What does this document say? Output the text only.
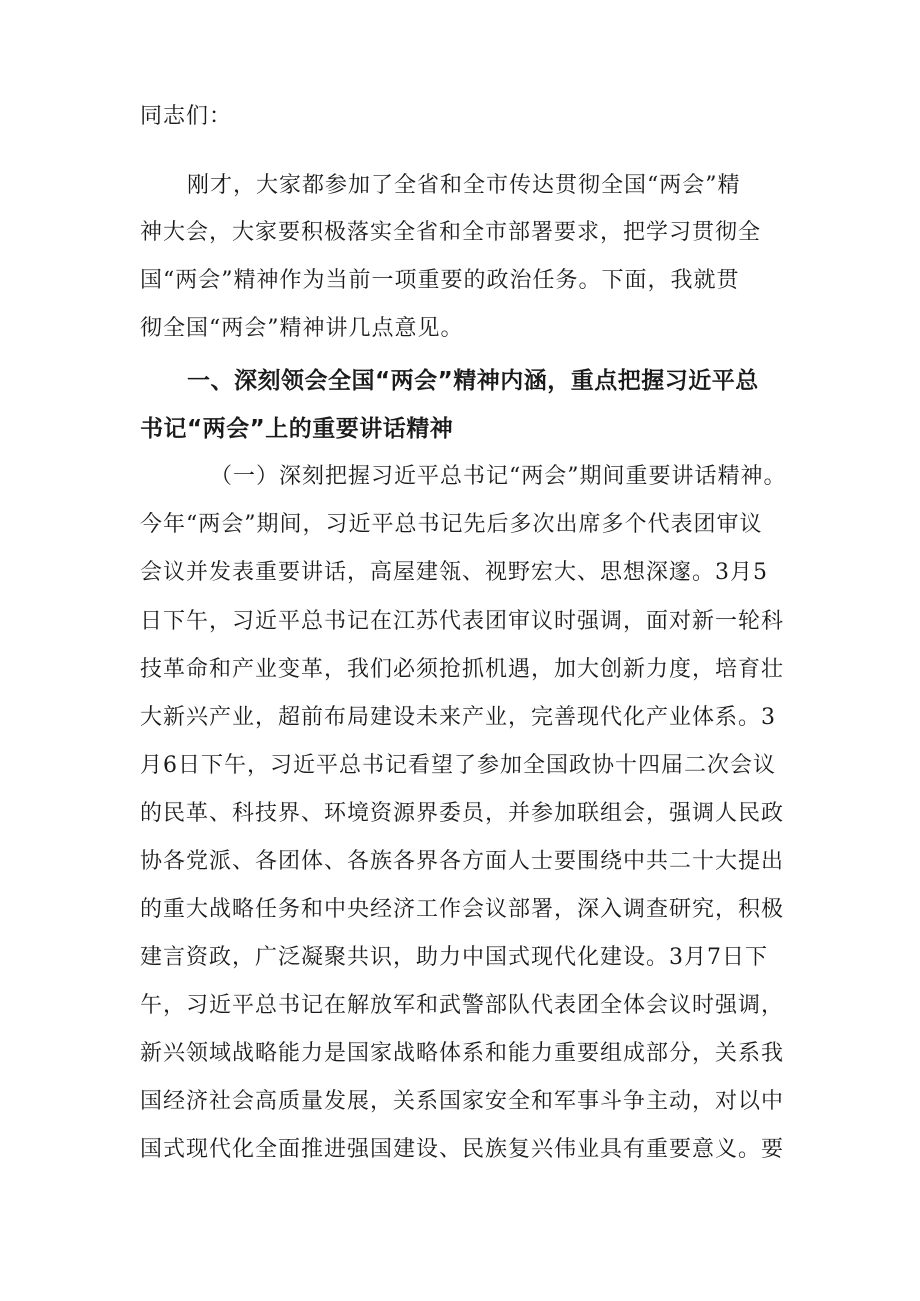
同志们：
刚才，大家都参加了全省和全市传达贯彻全国“两会”精
神大会，大家要积极落实全省和全市部署要求，把学习贯彻全
国“两会”精神作为当前一项重要的政治任务。下面，我就贯
彻全国“两会”精神讲几点意见。
一、深刻领会全国“两会”精神内涵，重点把握习近平总
书记“两会”上的重要讲话精神
（一）深刻把握习近平总书记“两会”期间重要讲话精神。
今年“两会”期间，习近平总书记先后多次出席多个代表团审议
会议并发表重要讲话，高屋建瓴、视野宏大、思想深邃。3月5
日下午，习近平总书记在江苏代表团审议时强调，面对新一轮科
技革命和产业变革，我们必须抢抓机遇，加大创新力度，培育壮
大新兴产业，超前布局建设未来产业，完善现代化产业体系。3
月6日下午，习近平总书记看望了参加全国政协十四届二次会议
的民革、科技界、环境资源界委员，并参加联组会，强调人民政
协各党派、各团体、各族各界各方面人士要围绕中共二十大提出
的重大战略任务和中央经济工作会议部署，深入调查研究，积极
建言资政，广泛凝聚共识，助力中国式现代化建设。3月7日下
午，习近平总书记在解放军和武警部队代表团全体会议时强调，
新兴领域战略能力是国家战略体系和能力重要组成部分，关系我
国经济社会高质量发展，关系国家安全和军事斗争主动，对以中
国式现代化全面推进强国建设、民族复兴伟业具有重要意义。要
